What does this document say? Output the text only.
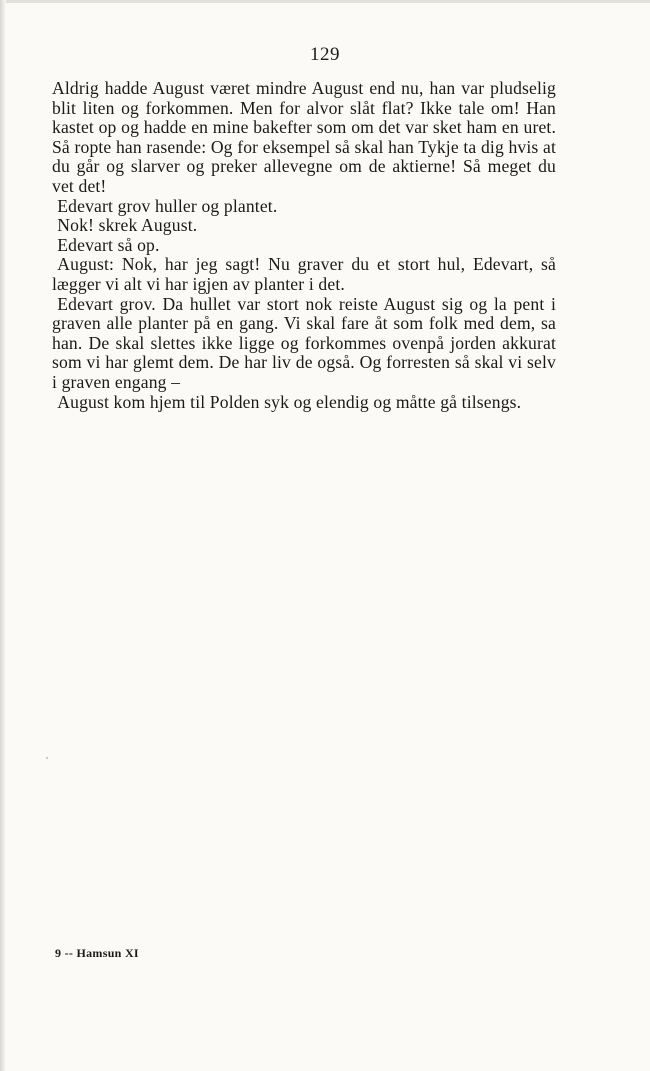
129

Aldrig hadde August været mindre August end nu, han var pludselig blit liten og forkommen. Men for alvor slåt flat? Ikke tale om! Han kastet op og hadde en mine bakefter som om det var sket ham en uret. Så ropte han rasende: Og for eksempel så skal han Tykje ta dig hvis at du går og slarver og preker allevegne om de aktierne! Så meget du vet det!

Edevart grov huller og plantet.

Nok! skrek August.

Edevart så op.

August: Nok, har jeg sagt! Nu graver du et stort hul, Edevart, så lægger vi alt vi har igjen av planter i det.

Edevart grov. Da hullet var stort nok reiste August sig og la pent i graven alle planter på en gang. Vi skal fare åt som folk med dem, sa han. De skal slettes ikke ligge og forkommes ovenpå jorden akkurat som vi har glemt dem. De har liv de også. Og forresten så skal vi selv i graven engang –

August kom hjem til Polden syk og elendig og måtte gå tilsengs.

9 -- Hamsun XI
